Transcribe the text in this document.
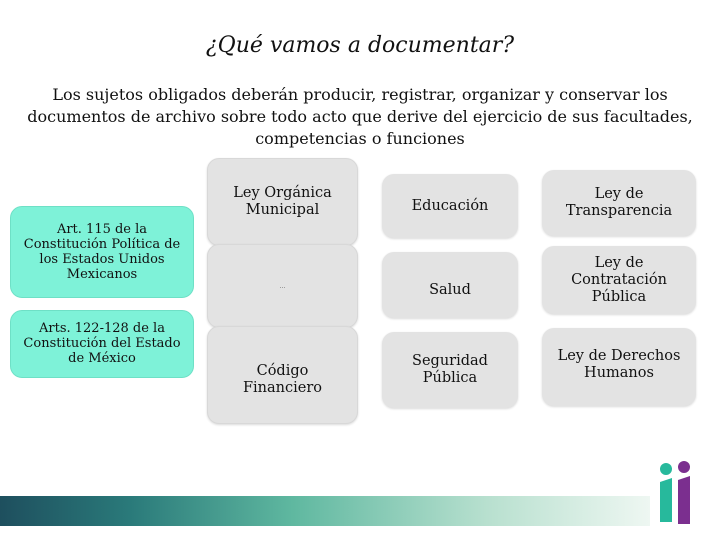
¿Qué vamos a documentar?
Los sujetos obligados deberán producir, registrar, organizar y conservar los documentos de archivo sobre todo acto que derive del ejercicio de sus facultades, competencias o funciones
Art. 115 de la Constitución Política de los Estados Unidos Mexicanos
Arts. 122-128 de la Constitución del Estado de México
Ley Orgánica Municipal
...
Código Financiero
Educación
Salud
Seguridad Pública
Ley de Transparencia
Ley de Contratación Pública
Ley de Derechos Humanos
